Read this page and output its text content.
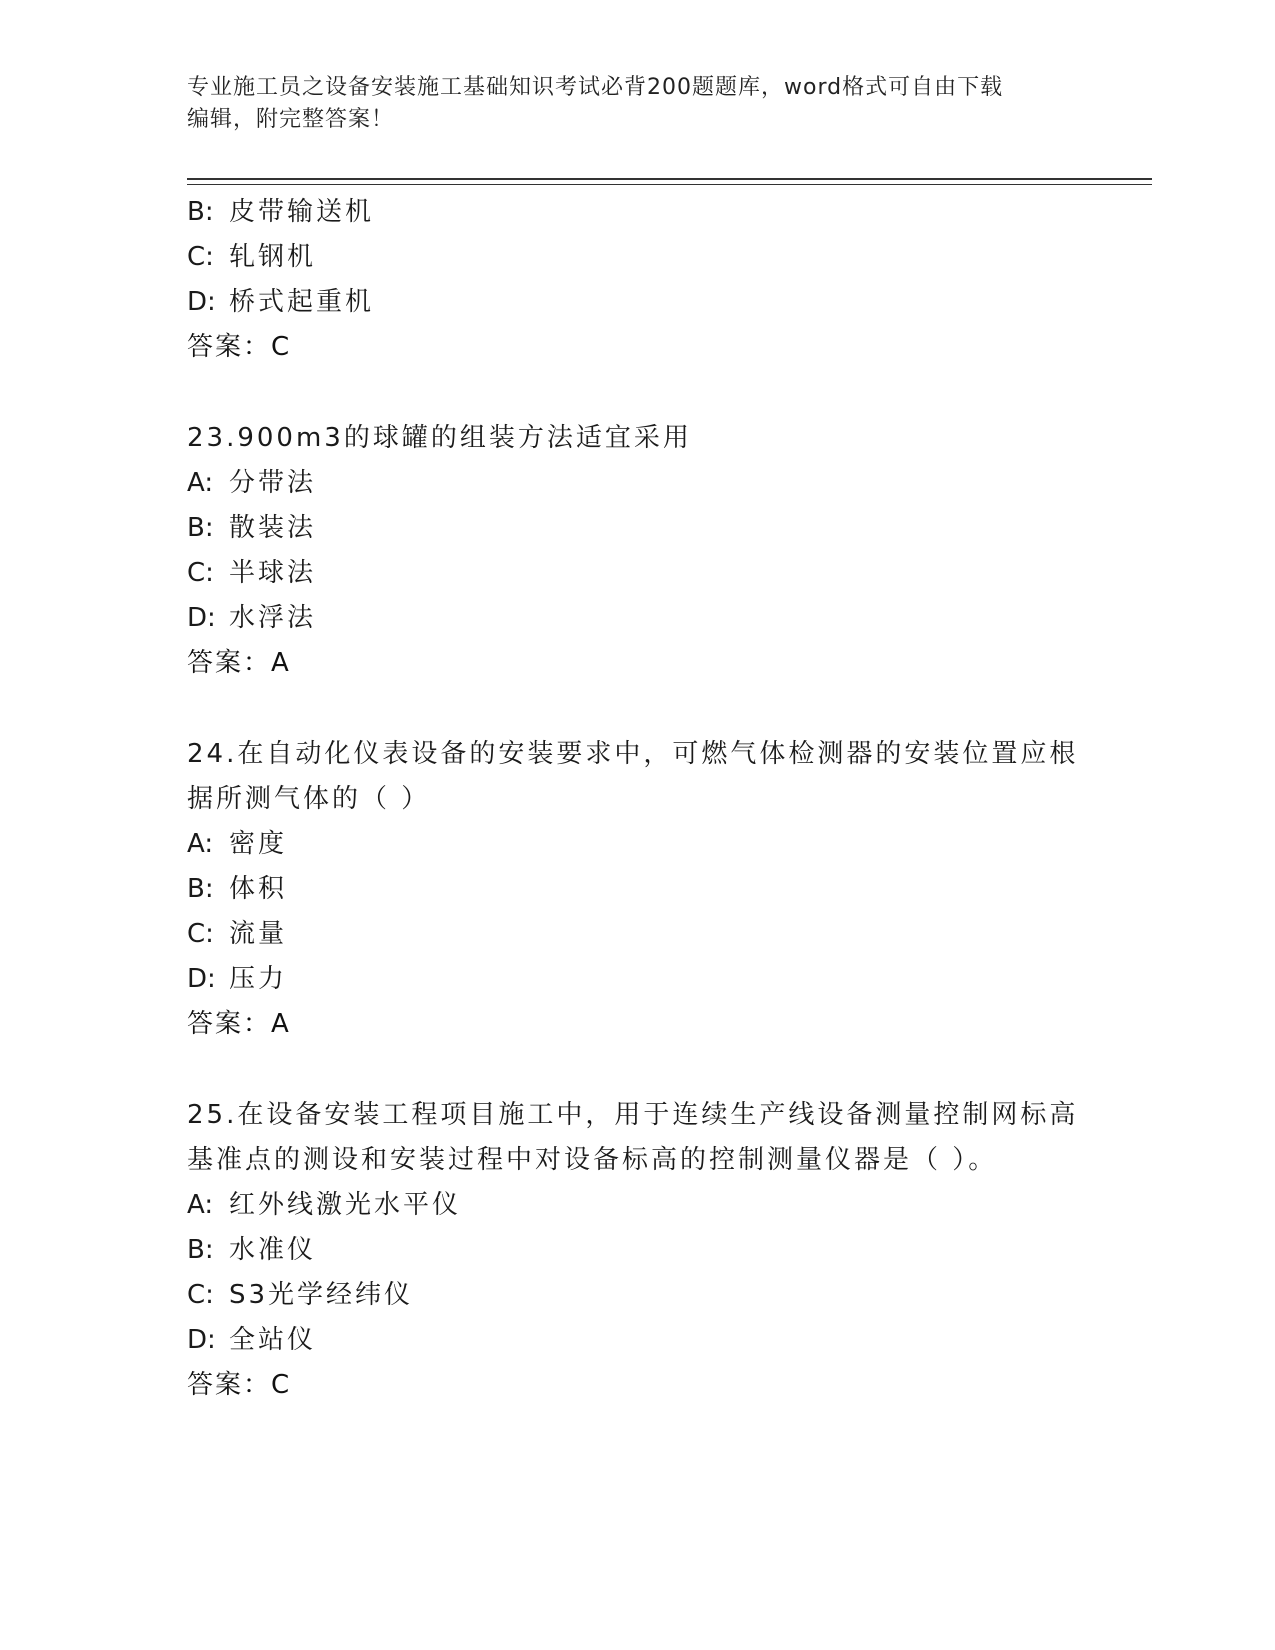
专业施工员之设备安装施工基础知识考试必背200题题库，word格式可自由下载
编辑，附完整答案！
B: 皮带输送机
C: 轧钢机
D: 桥式起重机
答案：C
23.900m3的球罐的组装方法适宜采用
A: 分带法
B: 散装法
C: 半球法
D: 水浮法
答案：A
24.在自动化仪表设备的安装要求中，可燃气体检测器的安装位置应根
据所测气体的（ ）
A: 密度
B: 体积
C: 流量
D: 压力
答案：A
25.在设备安装工程项目施工中，用于连续生产线设备测量控制网标高
基准点的测设和安装过程中对设备标高的控制测量仪器是（ ）。
A: 红外线激光水平仪
B: 水准仪
C: S3光学经纬仪
D: 全站仪
答案：C
